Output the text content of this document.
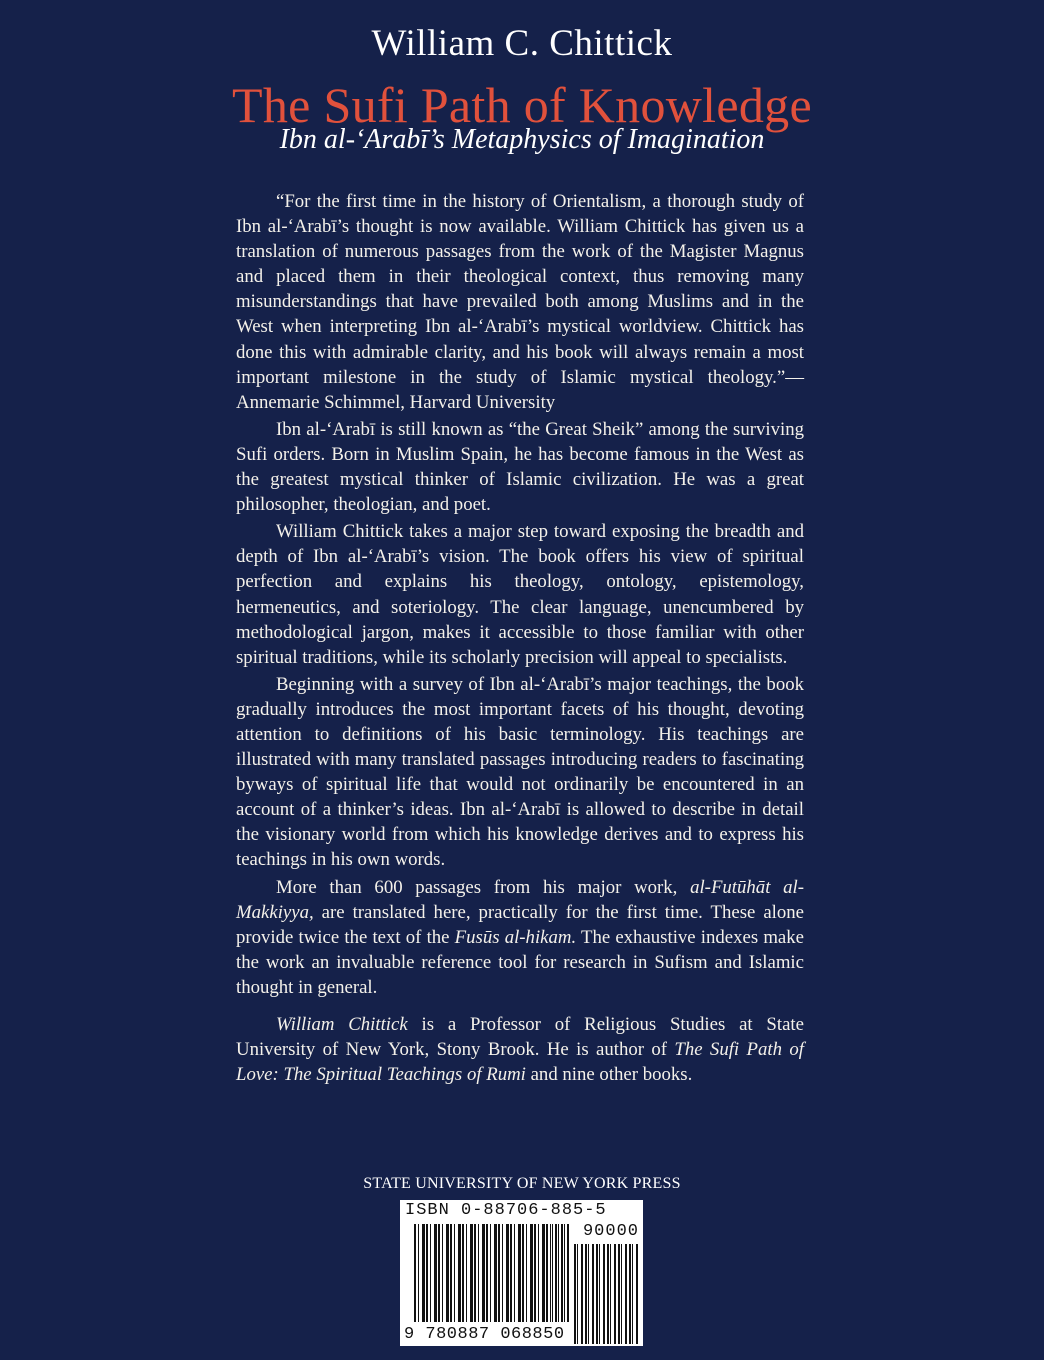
William C. Chittick
The Sufi Path of Knowledge
Ibn al-‘Arabī’s Metaphysics of Imagination

“For the first time in the history of Orientalism, a thorough study of Ibn al-‘Arabī’s thought is now available. William Chittick has given us a translation of numerous passages from the work of the Magister Magnus and placed them in their theological context, thus removing many misunderstandings that have prevailed both among Muslims and in the West when interpreting Ibn al-‘Arabī’s mystical worldview. Chittick has done this with admirable clarity, and his book will always remain a most important milestone in the study of Islamic mystical theology.”—Annemarie Schimmel, Harvard University

Ibn al-‘Arabī is still known as “the Great Sheik” among the surviving Sufi orders. Born in Muslim Spain, he has become famous in the West as the greatest mystical thinker of Islamic civilization. He was a great philosopher, theologian, and poet.

William Chittick takes a major step toward exposing the breadth and depth of Ibn al-‘Arabī’s vision. The book offers his view of spiritual perfection and explains his theology, ontology, epistemology, hermeneutics, and soteriology. The clear language, unencumbered by methodological jargon, makes it accessible to those familiar with other spiritual traditions, while its scholarly precision will appeal to specialists.

Beginning with a survey of Ibn al-‘Arabī’s major teachings, the book gradually introduces the most important facets of his thought, devoting attention to definitions of his basic terminology. His teachings are illustrated with many translated passages introducing readers to fascinating byways of spiritual life that would not ordinarily be encountered in an account of a thinker’s ideas. Ibn al-‘Arabī is allowed to describe in detail the visionary world from which his knowledge derives and to express his teachings in his own words.

More than 600 passages from his major work, al-Futūhāt al-Makkiyya, are translated here, practically for the first time. These alone provide twice the text of the Fusūs al-hikam. The exhaustive indexes make the work an invaluable reference tool for research in Sufism and Islamic thought in general.

William Chittick is a Professor of Religious Studies at State University of New York, Stony Brook. He is author of The Sufi Path of Love: The Spiritual Teachings of Rumi and nine other books.

STATE UNIVERSITY OF NEW YORK PRESS
ISBN 0-88706-885-5
90000
9 780887 068850
